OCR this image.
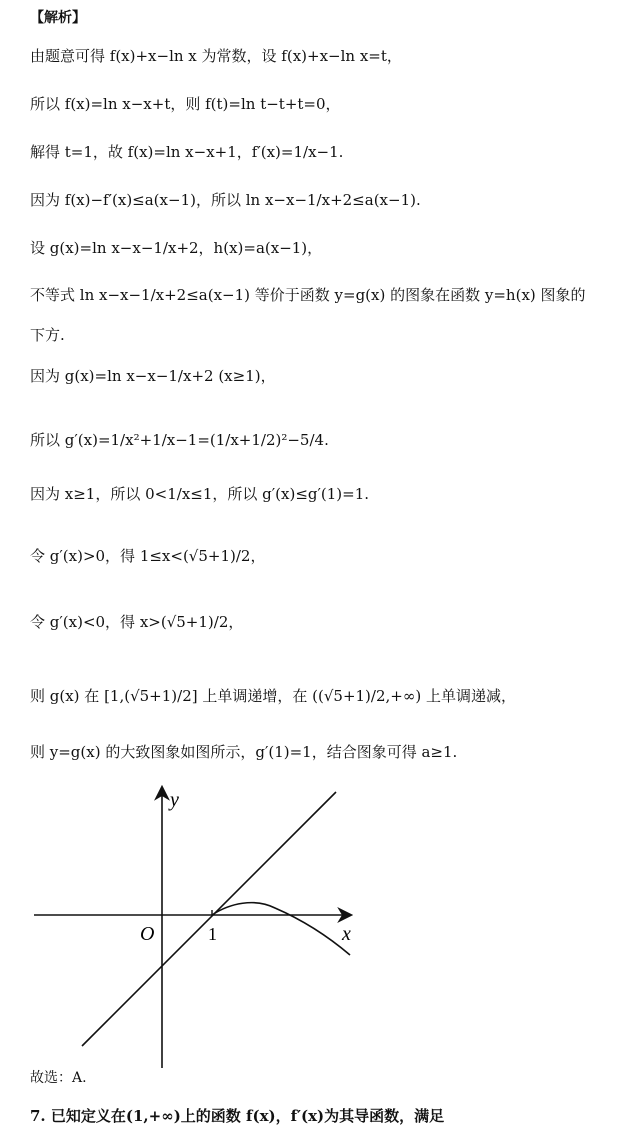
【解析】
由题意可得 f(x)+x−ln x 为常数，设 f(x)+x−ln x=t，
所以 f(x)=ln x−x+t，则 f(t)=ln t−t+t=0，
解得 t=1，故 f(x)=ln x−x+1，f′(x)=1/x−1.
因为 f(x)−f′(x)≤a(x−1)，所以 ln x−x−1/x+2≤a(x−1).
设 g(x)=ln x−x−1/x+2，h(x)=a(x−1)，
不等式 ln x−x−1/x+2≤a(x−1) 等价于函数 y=g(x) 的图象在函数 y=h(x) 图象的
下方.
因为 g(x)=ln x−x−1/x+2 (x≥1)，
所以 g′(x)=1/x²+1/x−1=(1/x+1/2)²−5/4.
因为 x≥1，所以 0<1/x≤1，所以 g′(x)≤g′(1)=1.
令 g′(x)>0，得 1≤x<(√5+1)/2，
令 g′(x)<0，得 x>(√5+1)/2，
则 g(x) 在 [1,(√5+1)/2] 上单调递增，在 ((√5+1)/2,+∞) 上单调递减，
则 y=g(x) 的大致图象如图所示，g′(1)=1，结合图象可得 a≥1.
y
x
O	1
故选：A.
7. 已知定义在(1,+∞)上的函数 f(x)，f′(x)为其导函数，满足
